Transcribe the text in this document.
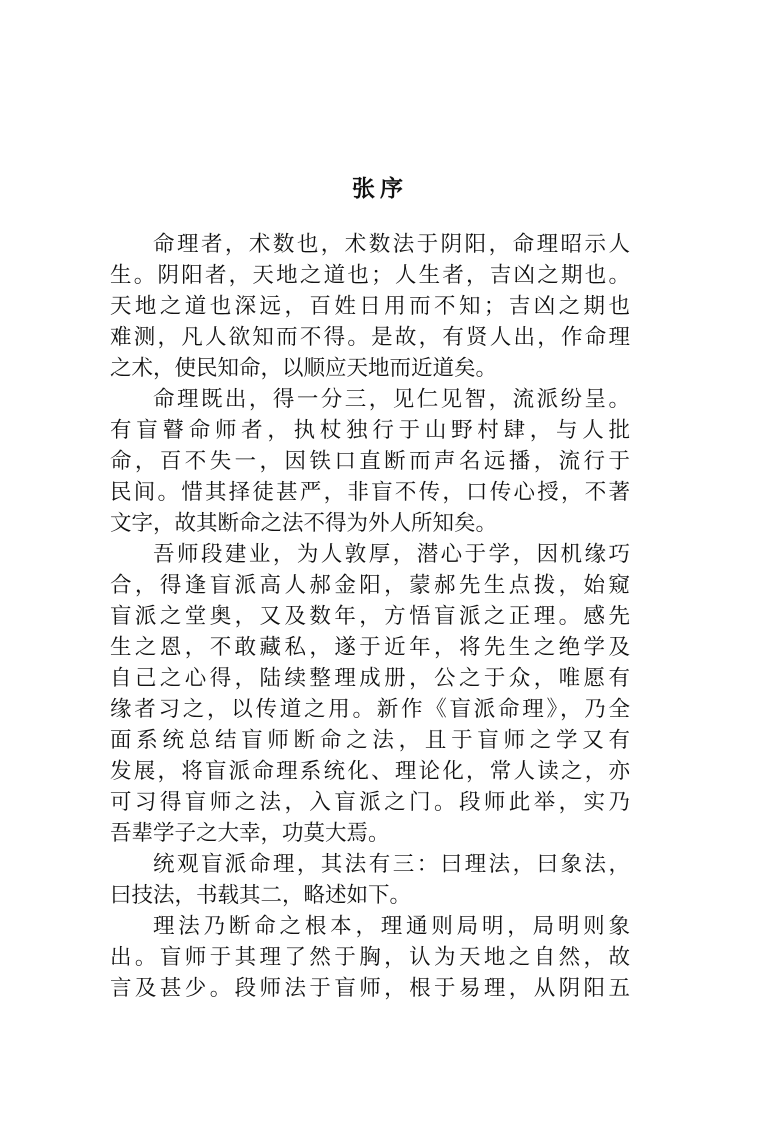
张序
命理者，术数也，术数法于阴阳，命理昭示人
生。阴阳者，天地之道也；人生者，吉凶之期也。
天地之道也深远，百姓日用而不知；吉凶之期也
难测，凡人欲知而不得。是故，有贤人出，作命理
之术，使民知命，以顺应天地而近道矣。
命理既出，得一分三，见仁见智，流派纷呈。
有盲瞽命师者，执杖独行于山野村肆，与人批
命，百不失一，因铁口直断而声名远播，流行于
民间。惜其择徒甚严，非盲不传，口传心授，不著
文字，故其断命之法不得为外人所知矣。
吾师段建业，为人敦厚，潜心于学，因机缘巧
合，得逢盲派高人郝金阳，蒙郝先生点拨，始窥
盲派之堂奥，又及数年，方悟盲派之正理。感先
生之恩，不敢藏私，遂于近年，将先生之绝学及
自己之心得，陆续整理成册，公之于众，唯愿有
缘者习之，以传道之用。新作《盲派命理》，乃全
面系统总结盲师断命之法，且于盲师之学又有
发展，将盲派命理系统化、理论化，常人读之，亦
可习得盲师之法，入盲派之门。段师此举，实乃
吾辈学子之大幸，功莫大焉。
统观盲派命理，其法有三：曰理法，曰象法，
曰技法，书载其二，略述如下。
理法乃断命之根本，理通则局明，局明则象
出。盲师于其理了然于胸，认为天地之自然，故
言及甚少。段师法于盲师，根于易理，从阴阳五
